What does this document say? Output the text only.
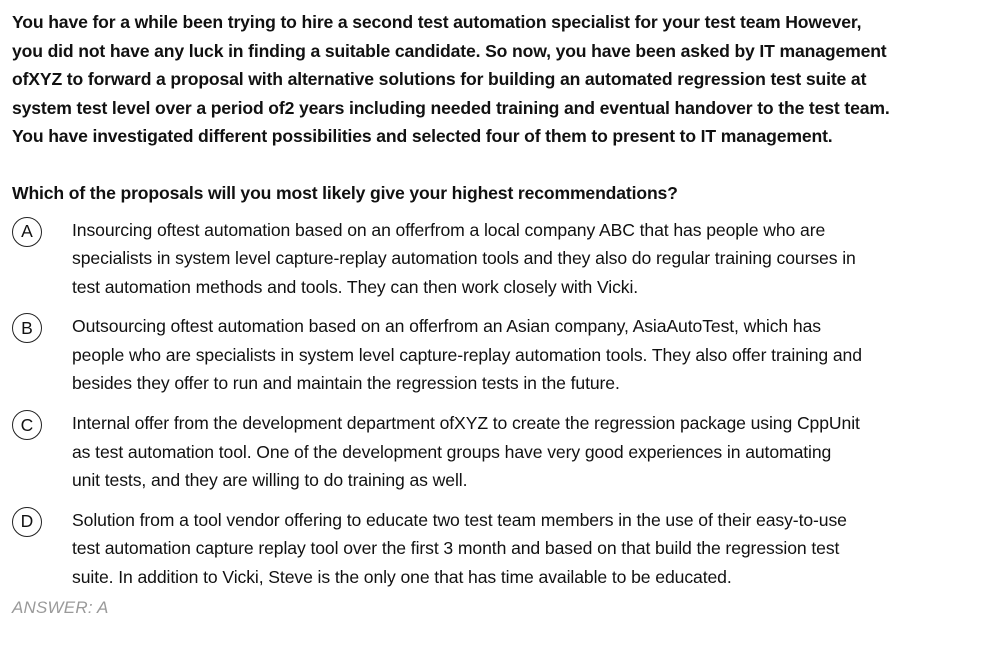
You have for a while been trying to hire a second test automation specialist for your test team However,
you did not have any luck in finding a suitable candidate. So now, you have been asked by IT management
ofXYZ to forward a proposal with alternative solutions for building an automated regression test suite at
system test level over a period of2 years including needed training and eventual handover to the test team.
You have investigated different possibilities and selected four of them to present to IT management.

Which of the proposals will you most likely give your highest recommendations?

A	Insourcing oftest automation based on an offerfrom a local company ABC that has people who are
specialists in system level capture-replay automation tools and they also do regular training courses in
test automation methods and tools. They can then work closely with Vicki.
B	Outsourcing oftest automation based on an offerfrom an Asian company, AsiaAutoTest, which has
people who are specialists in system level capture-replay automation tools. They also offer training and
besides they offer to run and maintain the regression tests in the future.
C	Internal offer from the development department ofXYZ to create the regression package using CppUnit
as test automation tool. One of the development groups have very good experiences in automating
unit tests, and they are willing to do training as well.
D	Solution from a tool vendor offering to educate two test team members in the use of their easy-to-use
test automation capture replay tool over the first 3 month and based on that build the regression test
suite. In addition to Vicki, Steve is the only one that has time available to be educated.
ANSWER: A
